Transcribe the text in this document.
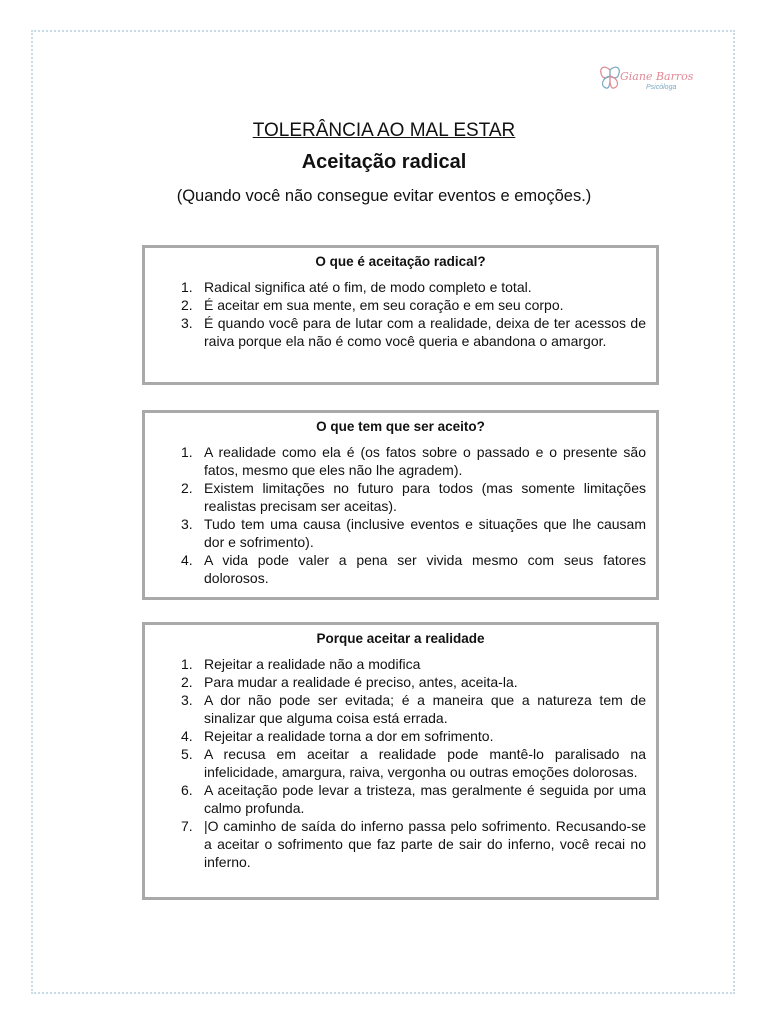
Giane Barros
Psicóloga
TOLERÂNCIA AO MAL ESTAR
Aceitação radical
(Quando você não consegue evitar eventos e emoções.)
O que é aceitação radical?
1. Radical significa até o fim, de modo completo e total.
2. É aceitar em sua mente, em seu coração e em seu corpo.
3. É quando você para de lutar com a realidade, deixa de ter acessos de raiva porque ela não é como você queria e abandona o amargor.
O que tem que ser aceito?
1. A realidade como ela é (os fatos sobre o passado e o presente são fatos, mesmo que eles não lhe agradem).
2. Existem limitações no futuro para todos (mas somente limitações realistas precisam ser aceitas).
3. Tudo tem uma causa (inclusive eventos e situações que lhe causam dor e sofrimento).
4. A vida pode valer a pena ser vivida mesmo com seus fatores dolorosos.
Porque aceitar a realidade
1. Rejeitar a realidade não a modifica
2. Para mudar a realidade é preciso, antes, aceita-la.
3. A dor não pode ser evitada; é a maneira que a natureza tem de sinalizar que alguma coisa está errada.
4. Rejeitar a realidade torna a dor em sofrimento.
5. A recusa em aceitar a realidade pode mantê-lo paralisado na infelicidade, amargura, raiva, vergonha ou outras emoções dolorosas.
6. A aceitação pode levar a tristeza, mas geralmente é seguida por uma calmo profunda.
7. |O caminho de saída do inferno passa pelo sofrimento. Recusando-se a aceitar o sofrimento que faz parte de sair do inferno, você recai no inferno.
